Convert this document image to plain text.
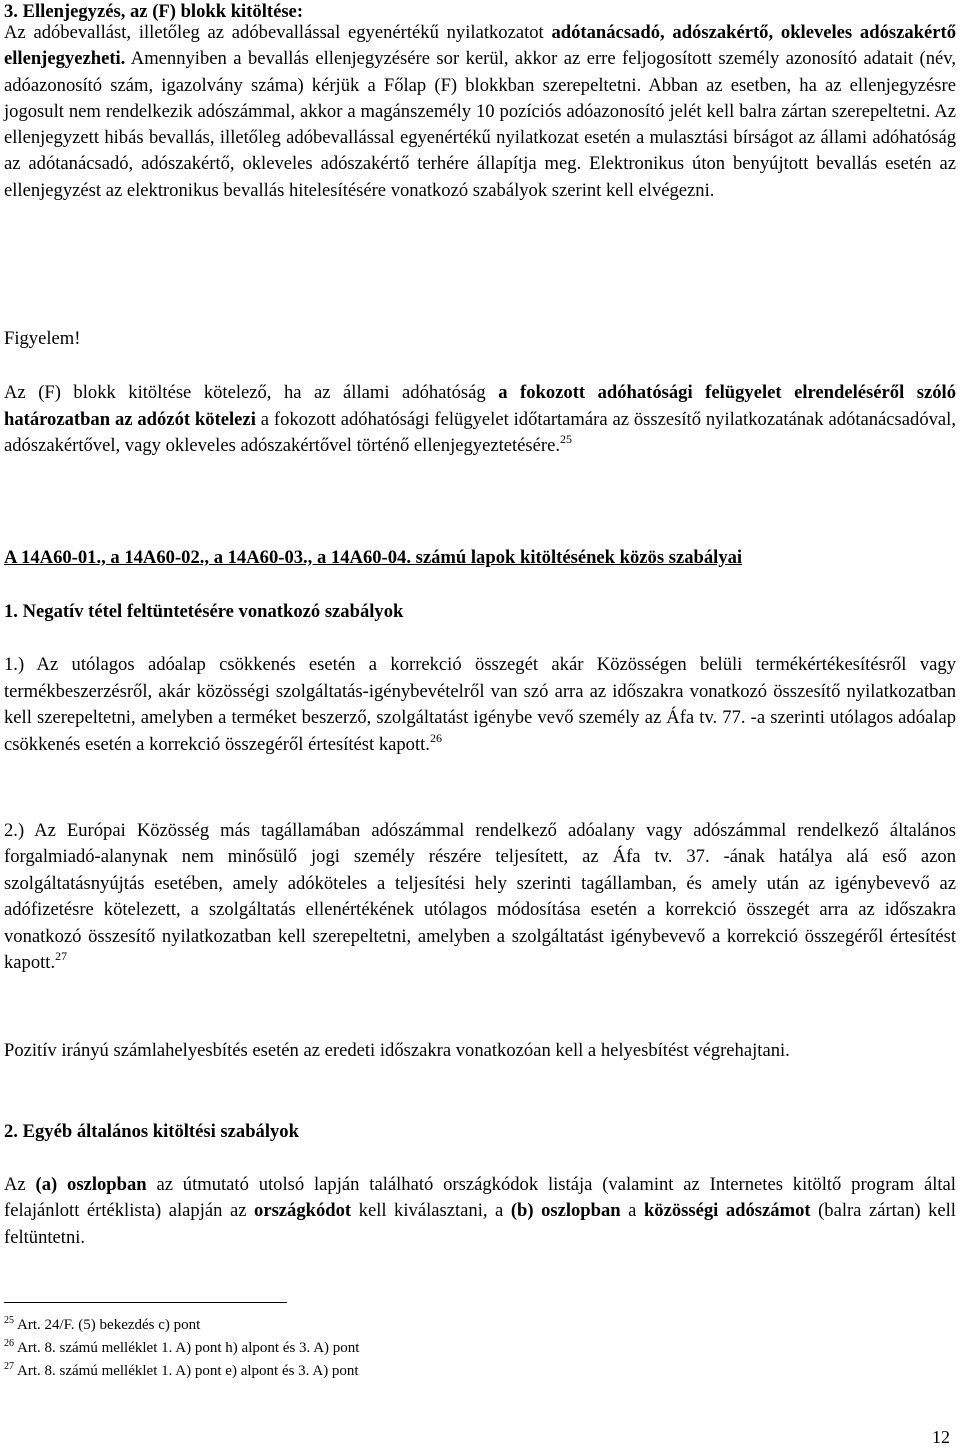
3. Ellenjegyzés, az (F) blokk kitöltése:

Az adóbevallást, illetőleg az adóbevallással egyenértékű nyilatkozatot adótanácsadó, adószakértő, okleveles adószakértő ellenjegyezheti. Amennyiben a bevallás ellenjegyzésére sor kerül, akkor az erre feljogosított személy azonosító adatait (név, adóazonosító szám, igazolvány száma) kérjük a Főlap (F) blokkban szerepeltetni. Abban az esetben, ha az ellenjegyzésre jogosult nem rendelkezik adószámmal, akkor a magánszemély 10 pozíciós adóazonosító jelét kell balra zártan szerepeltetni. Az ellenjegyzett hibás bevallás, illetőleg adóbevallással egyenértékű nyilatkozat esetén a mulasztási bírságot az állami adóhatóság az adótanácsadó, adószakértő, okleveles adószakértő terhére állapítja meg. Elektronikus úton benyújtott bevallás esetén az ellenjegyzést az elektronikus bevallás hitelesítésére vonatkozó szabályok szerint kell elvégezni.

Figyelem!

Az (F) blokk kitöltése kötelező, ha az állami adóhatóság a fokozott adóhatósági felügyelet elrendeléséről szóló határozatban az adózót kötelezi a fokozott adóhatósági felügyelet időtartamára az összesítő nyilatkozatának adótanácsadóval, adószakértővel, vagy okleveles adószakértővel történő ellenjegyeztetésére.$^{25}$

A 14A60-01., a 14A60-02., a 14A60-03., a 14A60-04. számú lapok kitöltésének közös szabályai
1. Negatív tétel feltüntetésére vonatkozó szabályok

1.) Az utólagos adóalap csökkenés esetén a korrekció összegét akár Közösségen belüli termékértékesítésről vagy termékbeszerzésről, akár közösségi szolgáltatás-igénybevételről van szó arra az időszakra vonatkozó összesítő nyilatkozatban kell szerepeltetni, amelyben a terméket beszerző, szolgáltatást igénybe vevő személy az Áfa tv. 77. -a szerinti utólagos adóalap csökkenés esetén a korrekció összegéről értesítést kapott.$^{26}$

2.) Az Európai Közösség más tagállamában adószámmal rendelkező adóalany vagy adószámmal rendelkező általános forgalmiadó-alanynak nem minősülő jogi személy részére teljesített, az Áfa tv. 37. -ának hatálya alá eső azon szolgáltatásnyújtás esetében, amely adóköteles a teljesítési hely szerinti tagállamban, és amely után az igénybevevő az adófizetésre kötelezett, a szolgáltatás ellenértékének utólagos módosítása esetén a korrekció összegét arra az időszakra vonatkozó összesítő nyilatkozatban kell szerepeltetni, amelyben a szolgáltatást igénybevevő a korrekció összegéről értesítést kapott.$^{27}$

Pozitív irányú számlahelyesbítés esetén az eredeti időszakra vonatkozóan kell a helyesbítést végrehajtani.

2. Egyéb általános kitöltési szabályok

Az (a) oszlopban az útmutató utolsó lapján található országkódok listája (valamint az Internetes kitöltő program által felajánlott értéklista) alapján az országkódot kell kiválasztani, a (b) oszlopban a közösségi adószámot (balra zártan) kell feltüntetni.

$^{25}$ Art. 24/F. (5) bekezdés c) pont
$^{26}$ Art. 8. számú melléklet 1. A) pont h) alpont és 3. A) pont
$^{27}$ Art. 8. számú melléklet 1. A) pont e) alpont és 3. A) pont
12
